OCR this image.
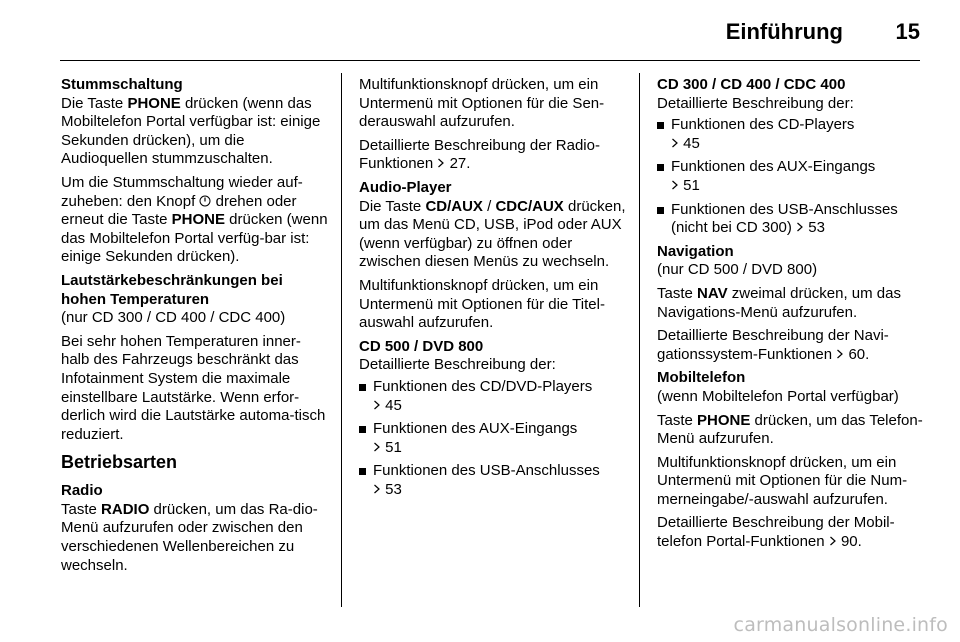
Einführung 15

Stummschaltung

Die Taste PHONE drücken (wenn das Mobiltelefon Portal verfügbar ist: einige Sekunden drücken), um die Audioquellen stummzuschalten.

Um die Stummschaltung wieder auf-zuheben: den Knopf  drehen oder erneut die Taste PHONE drücken (wenn das Mobiltelefon Portal verfüg-bar ist: einige Sekunden drücken).

Lautstärkebeschränkungen bei
hohen Temperaturen

(nur CD 300 / CD 400 / CDC 400)

Bei sehr hohen Temperaturen inner-halb des Fahrzeugs beschränkt das Infotainment System die maximale einstellbare Lautstärke. Wenn erfor-derlich wird die Lautstärke automa-tisch reduziert.

Betriebsarten

Radio

Taste RADIO drücken, um das Ra-dio-Menü aufzurufen oder zwischen den verschiedenen Wellenbereichen zu wechseln.

Multifunktionsknopf drücken, um ein Untermenü mit Optionen für die Sen-derauswahl aufzurufen.

Detaillierte Beschreibung der Radio-Funktionen  27.

Audio-Player

Die Taste CD/AUX / CDC/AUX drücken, um das Menü CD, USB, iPod oder AUX (wenn verfügbar) zu öffnen oder zwischen diesen Menüs zu wechseln.

Multifunktionsknopf drücken, um ein Untermenü mit Optionen für die Titel-auswahl aufzurufen.

CD 500 / DVD 800

Detaillierte Beschreibung der:

Funktionen des CD/DVD-Players
45
Funktionen des AUX-Eingangs
51
Funktionen des USB-Anschlusses
53

CD 300 / CD 400 / CDC 400

Detaillierte Beschreibung der:

Funktionen des CD-Players
45
Funktionen des AUX-Eingangs
51
Funktionen des USB-Anschlusses (nicht bei CD 300) 53

Navigation

(nur CD 500 / DVD 800)

Taste NAV zweimal drücken, um das Navigations-Menü aufzurufen.

Detaillierte Beschreibung der Navi-gationssystem-Funktionen  60.

Mobiltelefon

(wenn Mobiltelefon Portal verfügbar)

Taste PHONE drücken, um das Telefon-Menü aufzurufen.

Multifunktionsknopf drücken, um ein Untermenü mit Optionen für die Num-merneingabe/-auswahl aufzurufen.

Detaillierte Beschreibung der Mobil-telefon Portal-Funktionen  90.

carmanualsonline.info
